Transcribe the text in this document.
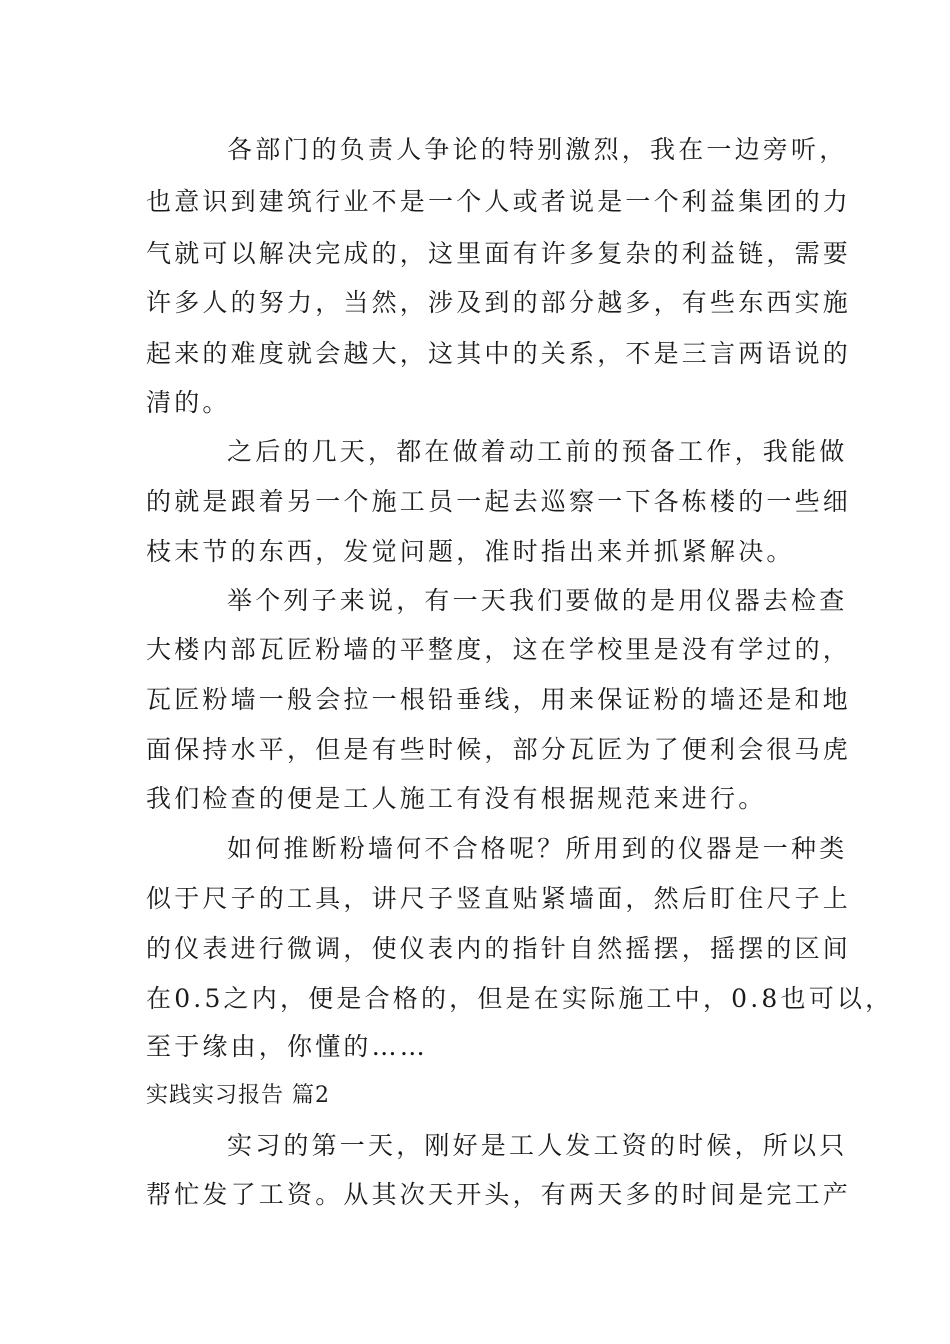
各部门的负责人争论的特别激烈，我在一边旁听，
也意识到建筑行业不是一个人或者说是一个利益集团的力
气就可以解决完成的，这里面有许多复杂的利益链，需要
许多人的努力，当然，涉及到的部分越多，有些东西实施
起来的难度就会越大，这其中的关系，不是三言两语说的
清的。
之后的几天，都在做着动工前的预备工作，我能做
的就是跟着另一个施工员一起去巡察一下各栋楼的一些细
枝末节的东西，发觉问题，准时指出来并抓紧解决。
举个列子来说，有一天我们要做的是用仪器去检查
大楼内部瓦匠粉墙的平整度，这在学校里是没有学过的，
瓦匠粉墙一般会拉一根铅垂线，用来保证粉的墙还是和地
面保持水平，但是有些时候，部分瓦匠为了便利会很马虎
我们检查的便是工人施工有没有根据规范来进行。
如何推断粉墙何不合格呢？所用到的仪器是一种类
似于尺子的工具，讲尺子竖直贴紧墙面，然后盯住尺子上
的仪表进行微调，使仪表内的指针自然摇摆，摇摆的区间
在0.5之内，便是合格的，但是在实际施工中，0.8也可以，
至于缘由，你懂的……
实践实习报告 篇2
实习的第一天，刚好是工人发工资的时候，所以只
帮忙发了工资。从其次天开头，有两天多的时间是完工产
